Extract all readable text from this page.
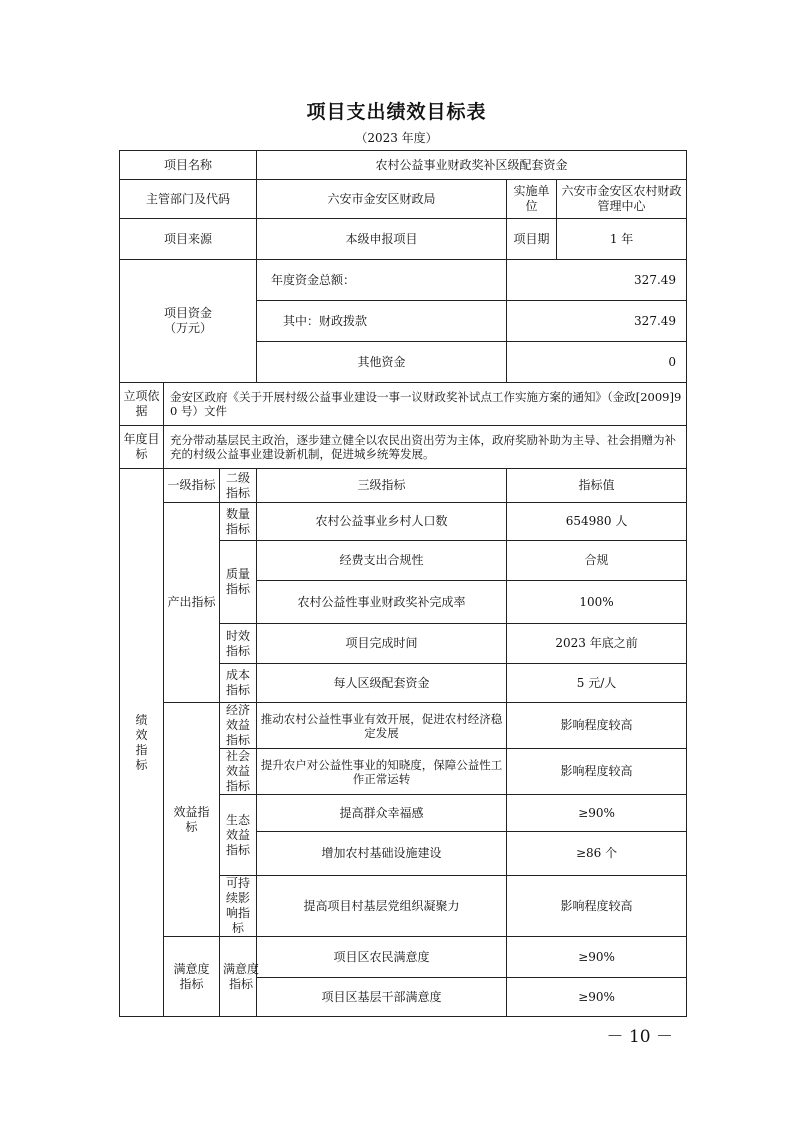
项目支出绩效目标表
（2023 年度）
项目名称			农村公益事业财政奖补区级配套资金		
主管部门及代码			六安市金安区财政局	实施单位	六安市金安区农村财政管理中心
项目来源			本级申报项目	项目期	1 年
项目资金（万元）			年度资金总额：	327.49	
			其中：财政拨款	327.49	
			其他资金	0	
立项依据	金安区政府《关于开展村级公益事业建设一事一议财政奖补试点工作实施方案的通知》（金政[2009]90 号）文件				
年度目标	充分带动基层民主政治，逐步建立健全以农民出资出劳为主体，政府奖励补助为主导、社会捐赠为补充的村级公益事业建设新机制，促进城乡统筹发展。				
绩效指标	一级指标	二级指标	三级指标	指标值	
	产出指标	数量指标	农村公益事业乡村人口数	654980 人	
		质量指标	经费支出合规性	合规	
			农村公益性事业财政奖补完成率	100%	
		时效指标	项目完成时间	2023 年底之前	
		成本指标	每人区级配套资金	5 元/人	
	效益指标	经济效益指标	推动农村公益性事业有效开展，促进农村经济稳定发展	影响程度较高	
		社会效益指标	提升农户对公益性事业的知晓度，保障公益性工作正常运转	影响程度较高	
		生态效益指标	提高群众幸福感	≥90%	
			增加农村基础设施建设	≥86 个	
		可持续影响指标	提高项目村基层党组织凝聚力	影响程度较高	
	满意度指标	满意度指标	项目区农民满意度	≥90%	
			项目区基层干部满意度	≥90%	
－ 10 －
